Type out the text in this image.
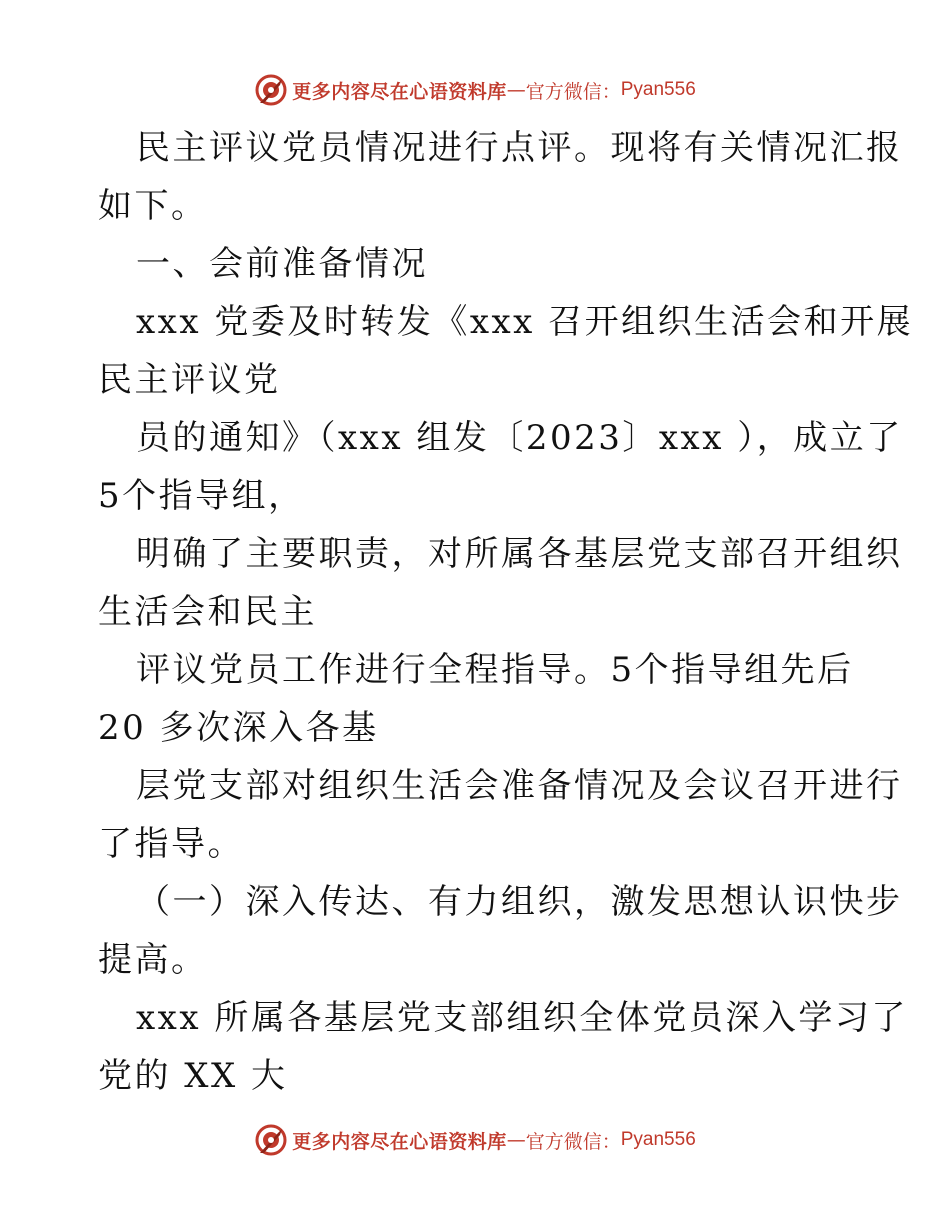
更多内容尽在心语资料库 — 官方微信： Pyan556
民主评议党员情况进行点评。现将有关情况汇报
如下。
一、会前准备情况
xxx 党委及时转发《xxx 召开组织生活会和开展
民主评议党
员的通知》（xxx 组发〔2023〕xxx ），成立了
5个指导组，
明确了主要职责，对所属各基层党支部召开组织
生活会和民主
评议党员工作进行全程指导。5个指导组先后
20 多次深入各基
层党支部对组织生活会准备情况及会议召开进行
了指导。
（一）深入传达、有力组织，激发思想认识快步
提高。
xxx 所属各基层党支部组织全体党员深入学习了
党的 XX 大
更多内容尽在心语资料库 — 官方微信： Pyan556
